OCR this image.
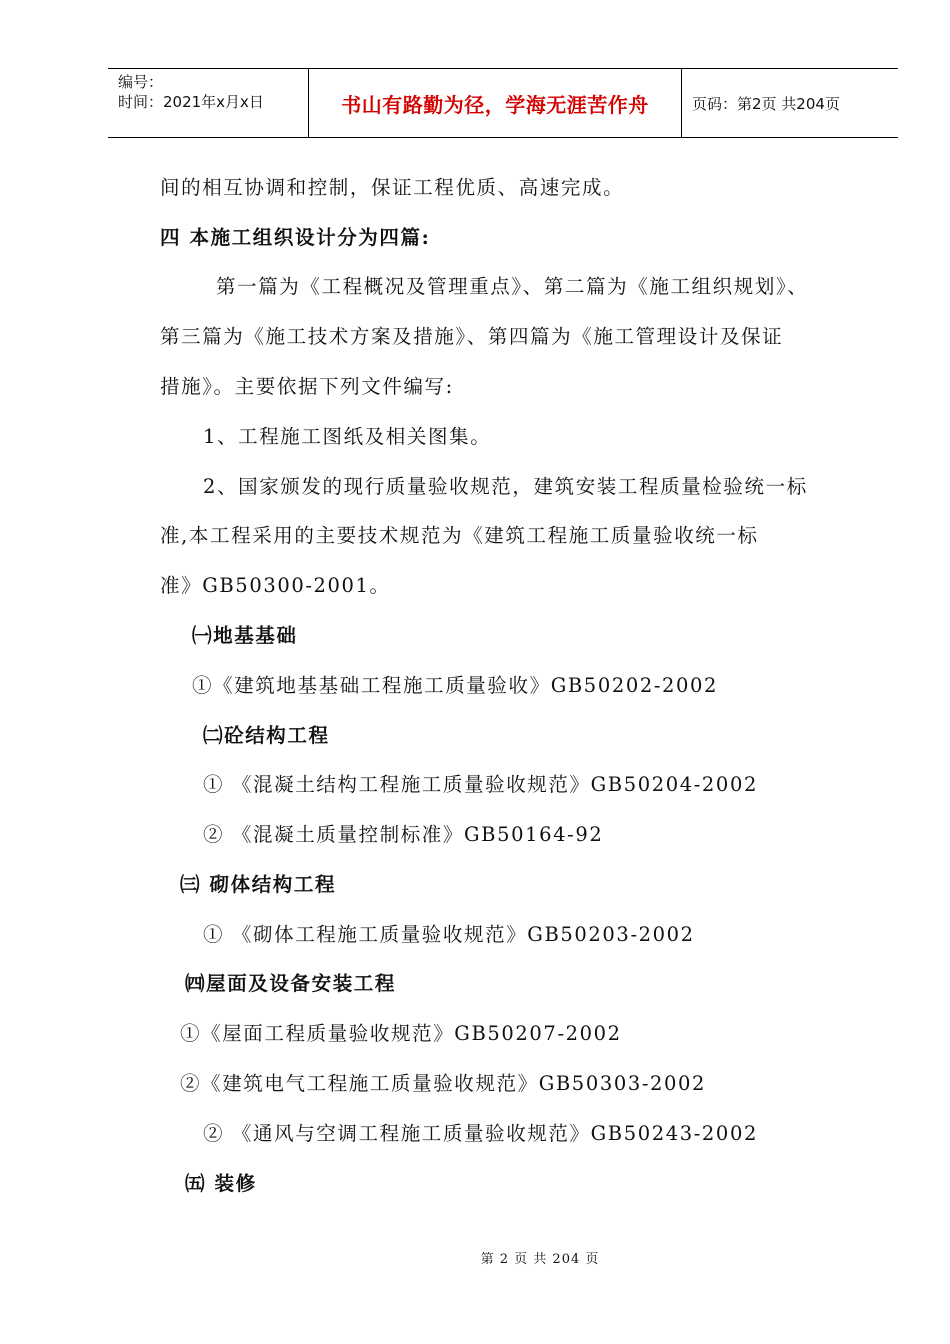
编号：
时间：2021年x月x日	书山有路勤为径，学海无涯苦作舟	页码：第2页 共204页
间的相互协调和控制，保证工程优质、高速完成。
四 本施工组织设计分为四篇:
第一篇为《工程概况及管理重点》、第二篇为《施工组织规划》、
第三篇为《施工技术方案及措施》、第四篇为《施工管理设计及保证
措施》。主要依据下列文件编写:
1、工程施工图纸及相关图集。
2、国家颁发的现行质量验收规范，建筑安装工程质量检验统一标
准,本工程采用的主要技术规范为《建筑工程施工质量验收统一标
准》GB50300-2001。
㈠地基基础
①《建筑地基基础工程施工质量验收》GB50202-2002
㈡砼结构工程
① 《混凝土结构工程施工质量验收规范》GB50204-2002
② 《混凝土质量控制标准》GB50164-92
㈢ 砌体结构工程
① 《砌体工程施工质量验收规范》GB50203-2002
㈣屋面及设备安装工程
①《屋面工程质量验收规范》GB50207-2002
②《建筑电气工程施工质量验收规范》GB50303-2002
② 《通风与空调工程施工质量验收规范》GB50243-2002
㈤ 装修
第 2 页 共 204 页
